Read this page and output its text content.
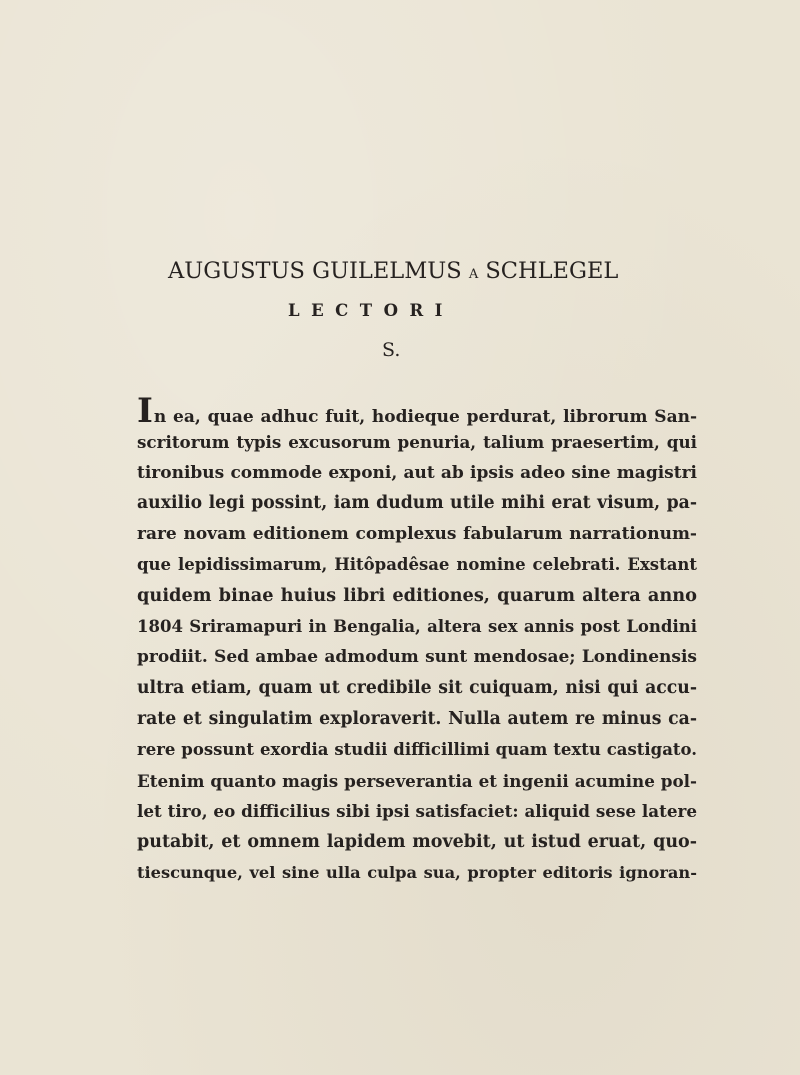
AUGUSTUS GUILELMUS A SCHLEGEL
LECTORI
S.
In ea, quae adhuc fuit, hodieque perdurat, librorum San-
scritorum typis excusorum penuria, talium praesertim, qui
tironibus commode exponi, aut ab ipsis adeo sine magistri
auxilio legi possint, iam dudum utile mihi erat visum, pa-
rare novam editionem complexus fabularum narrationum-
que lepidissimarum, Hitôpadêsae nomine celebrati. Exstant
quidem binae huius libri editiones, quarum altera anno
1804 Sriramapuri in Bengalia, altera sex annis post Londini
prodiit. Sed ambae admodum sunt mendosae; Londinensis
ultra etiam, quam ut credibile sit cuiquam, nisi qui accu-
rate et singulatim exploraverit. Nulla autem re minus ca-
rere possunt exordia studii difficillimi quam textu castigato.
Etenim quanto magis perseverantia et ingenii acumine pol-
let tiro, eo difficilius sibi ipsi satisfaciet: aliquid sese latere
putabit, et omnem lapidem movebit, ut istud eruat, quo-
tiescunque, vel sine ulla culpa sua, propter editoris ignoran-
